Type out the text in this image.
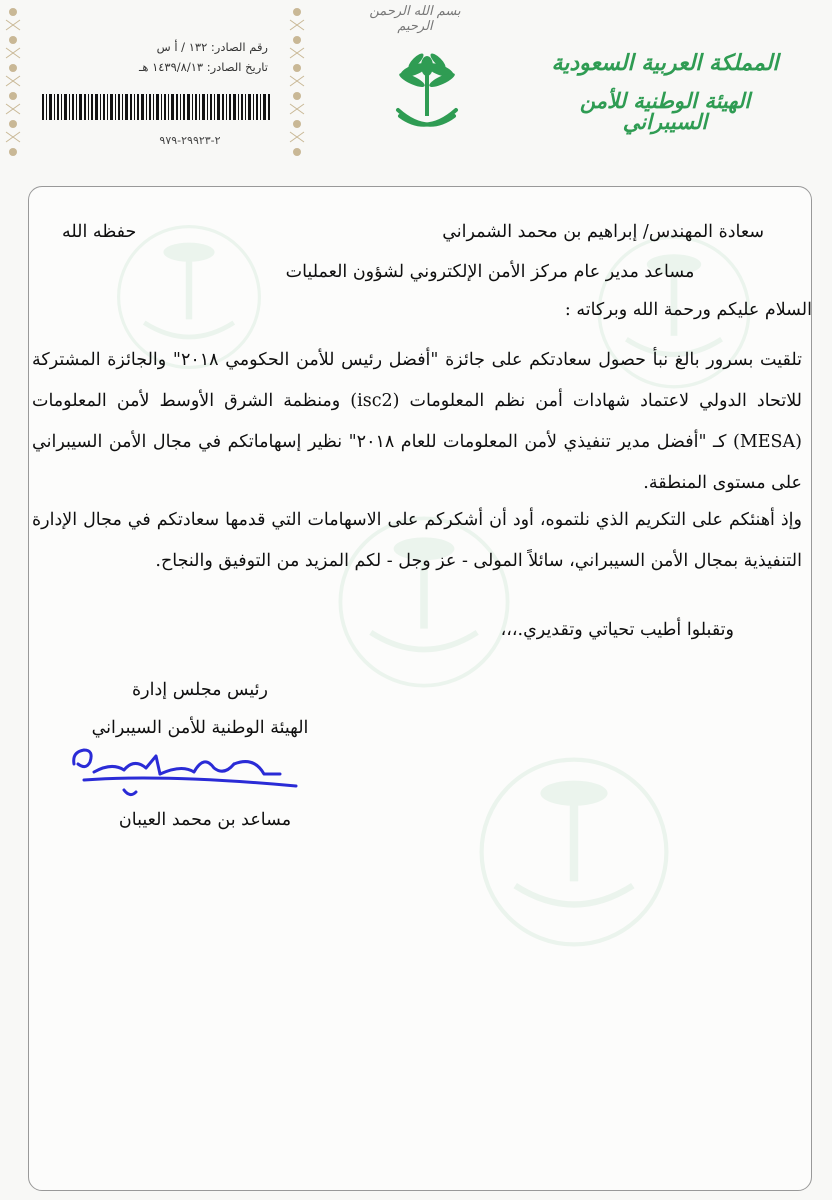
بسم الله الرحمن الرحيم
المملكة العربية السعودية
الهيئة الوطنية للأمن السيبراني
رقم الصادر: ١٣٢ / أ س
تاريخ الصادر: ١٤٣٩/٨/١٣ هـ
٢-٢٩٩٢٣-٩٧٩
سعادة المهندس/ إبراهيم بن محمد الشمراني
حفظه الله
مساعد مدير عام مركز الأمن الإلكتروني لشؤون العمليات
السلام عليكم ورحمة الله وبركاته :
تلقيت بسرور بالغ نبأ حصول سعادتكم على جائزة "أفضل رئيس للأمن الحكومي ٢٠١٨" والجائزة المشتركة للاتحاد الدولي لاعتماد شهادات أمن نظم المعلومات (isc2) ومنظمة الشرق الأوسط لأمن المعلومات (MESA) كـ "أفضل مدير تنفيذي لأمن المعلومات للعام ٢٠١٨" نظير إسهاماتكم في مجال الأمن السيبراني على مستوى المنطقة.
وإذ أهنئكم على التكريم الذي نلتموه، أود أن أشكركم على الاسهامات التي قدمها سعادتكم في مجال الإدارة التنفيذية بمجال الأمن السيبراني، سائلاً المولى - عز وجل - لكم المزيد من التوفيق والنجاح.
وتقبلوا أطيب تحياتي وتقديري.،،،
رئيس مجلس إدارة
الهيئة الوطنية للأمن السيبراني
مساعد بن محمد العيبان
